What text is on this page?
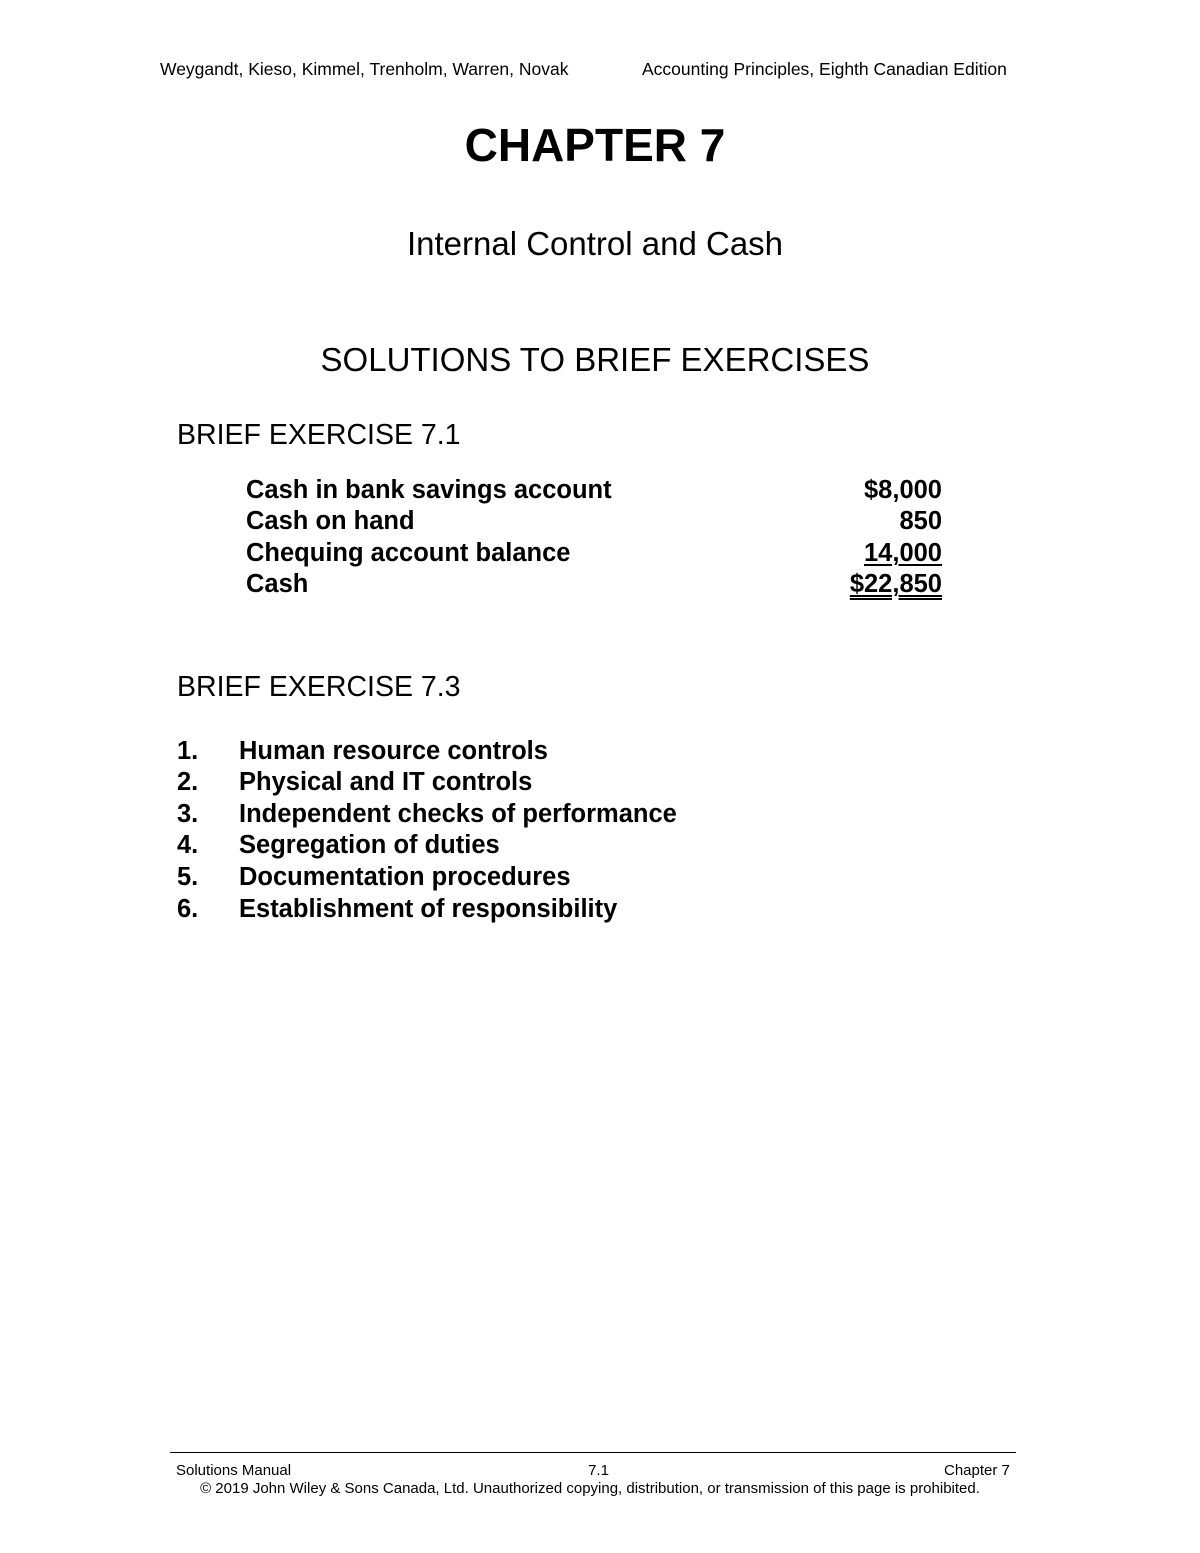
Weygandt, Kieso, Kimmel, Trenholm, Warren, Novak	Accounting Principles, Eighth Canadian Edition
CHAPTER 7
Internal Control and Cash
SOLUTIONS TO BRIEF EXERCISES
BRIEF EXERCISE 7.1
Cash in bank savings account	$8,000
Cash on hand	850
Chequing account balance	14,000
Cash	$22,850
BRIEF EXERCISE 7.3
1. Human resource controls
2. Physical and IT controls
3. Independent checks of performance
4. Segregation of duties
5. Documentation procedures
6. Establishment of responsibility
Solutions Manual	7.1	Chapter 7
© 2019 John Wiley & Sons Canada, Ltd. Unauthorized copying, distribution, or transmission of this page is prohibited.
